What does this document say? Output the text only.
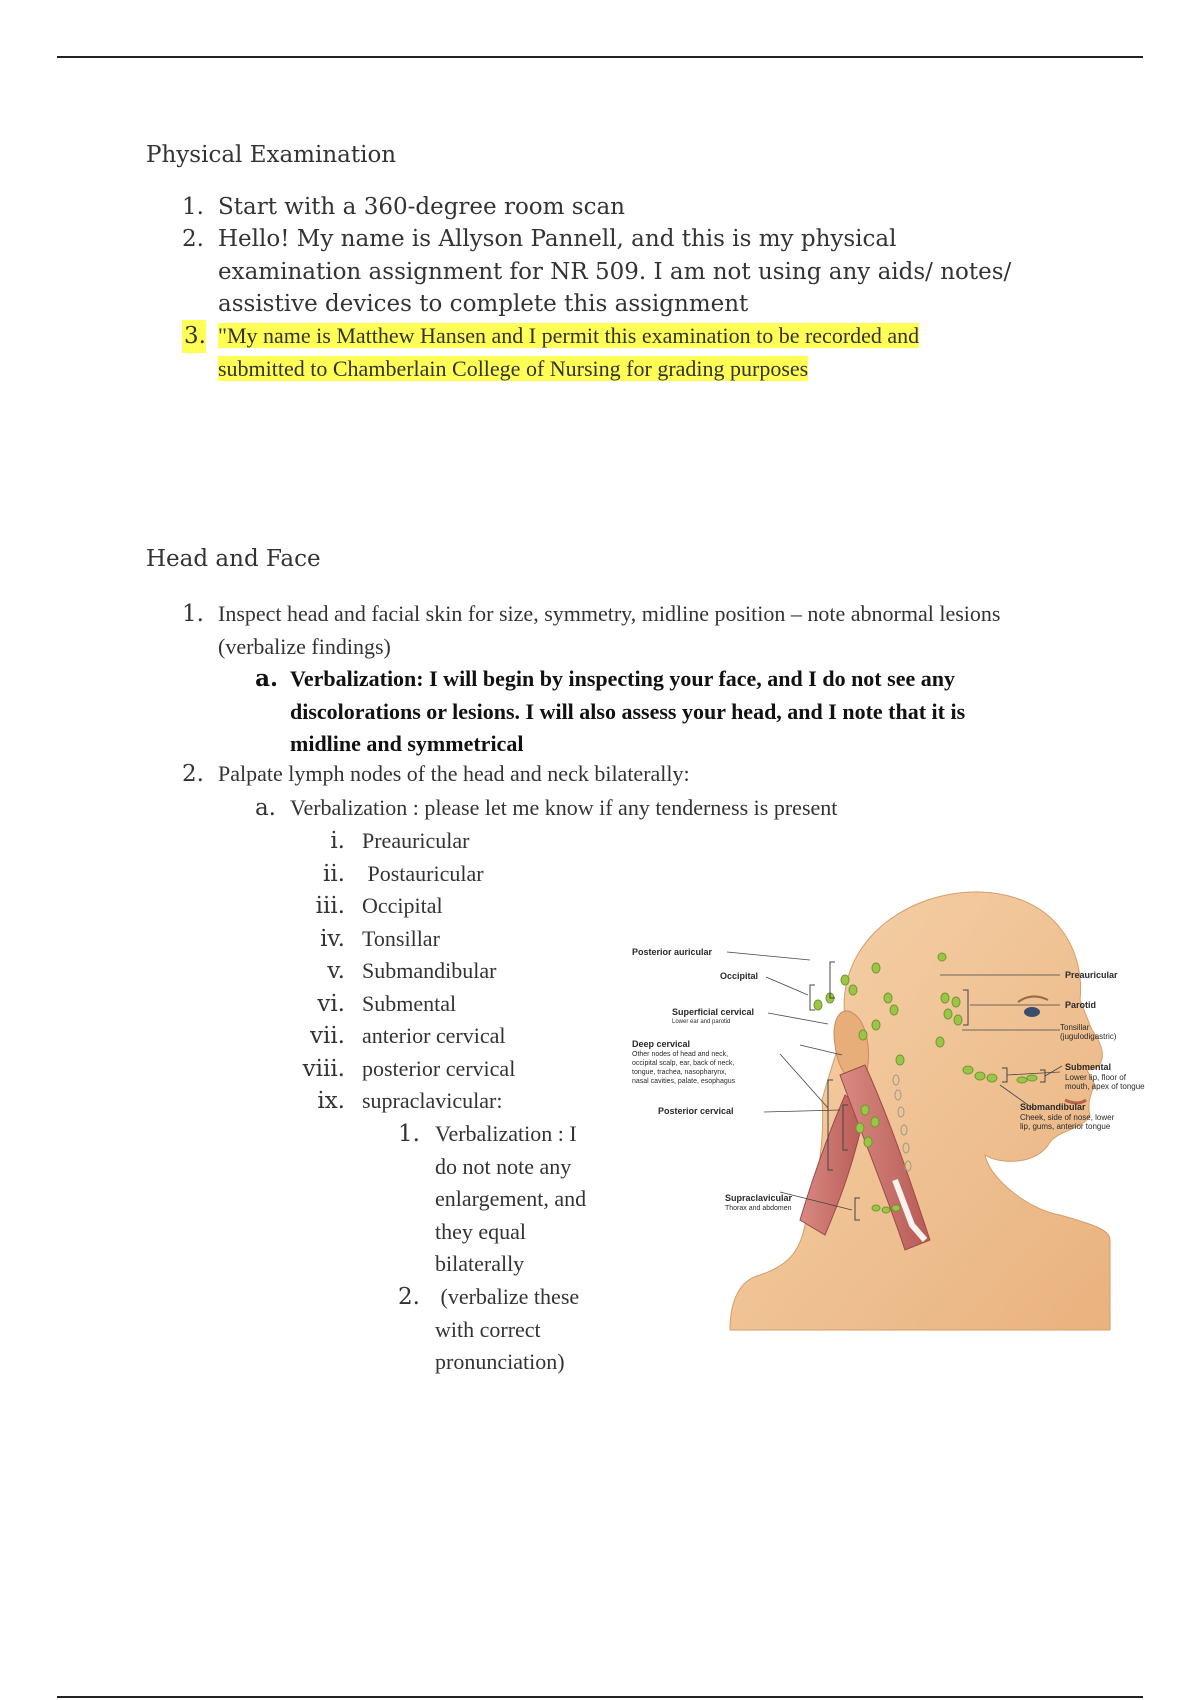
Physical Examination
1. Start with a 360-degree room scan
2. Hello! My name is Allyson Pannell, and this is my physical
examination assignment for NR 509. I am not using any aids/ notes/
assistive devices to complete this assignment
3. "My name is Matthew Hansen and I permit this examination to be recorded and
submitted to Chamberlain College of Nursing for grading purposes
Head and Face
1. Inspect head and facial skin for size, symmetry, midline position – note abnormal lesions
(verbalize findings)
a. Verbalization: I will begin by inspecting your face, and I do not see any
discolorations or lesions. I will also assess your head, and I note that it is
midline and symmetrical
2. Palpate lymph nodes of the head and neck bilaterally:
a. Verbalization : please let me know if any tenderness is present
i. Preauricular
ii. Postauricular
iii. Occipital
iv. Tonsillar
v. Submandibular
vi. Submental
vii. anterior cervical
viii. posterior cervical
ix. supraclavicular:
1. Verbalization : I
do not note any
enlargement, and
they equal
bilaterally
2. (verbalize these
with correct
pronunciation)
Posterior auricular
Occipital
Superficial cervical
Lower ear and parotid
Deep cervical
Other nodes of head and neck,
occipital scalp, ear, back of neck,
tongue, trachea, nasopharynx,
nasal cavities, palate, esophagus
Posterior cervical
Supraclavicular
Thorax and abdomen
Preauricular
Parotid
Tonsillar
(jugulodigastric)
Submental
Lower lip, floor of
mouth, apex of tongue
Submandibular
Cheek, side of nose, lower
lip, gums, anterior tongue
